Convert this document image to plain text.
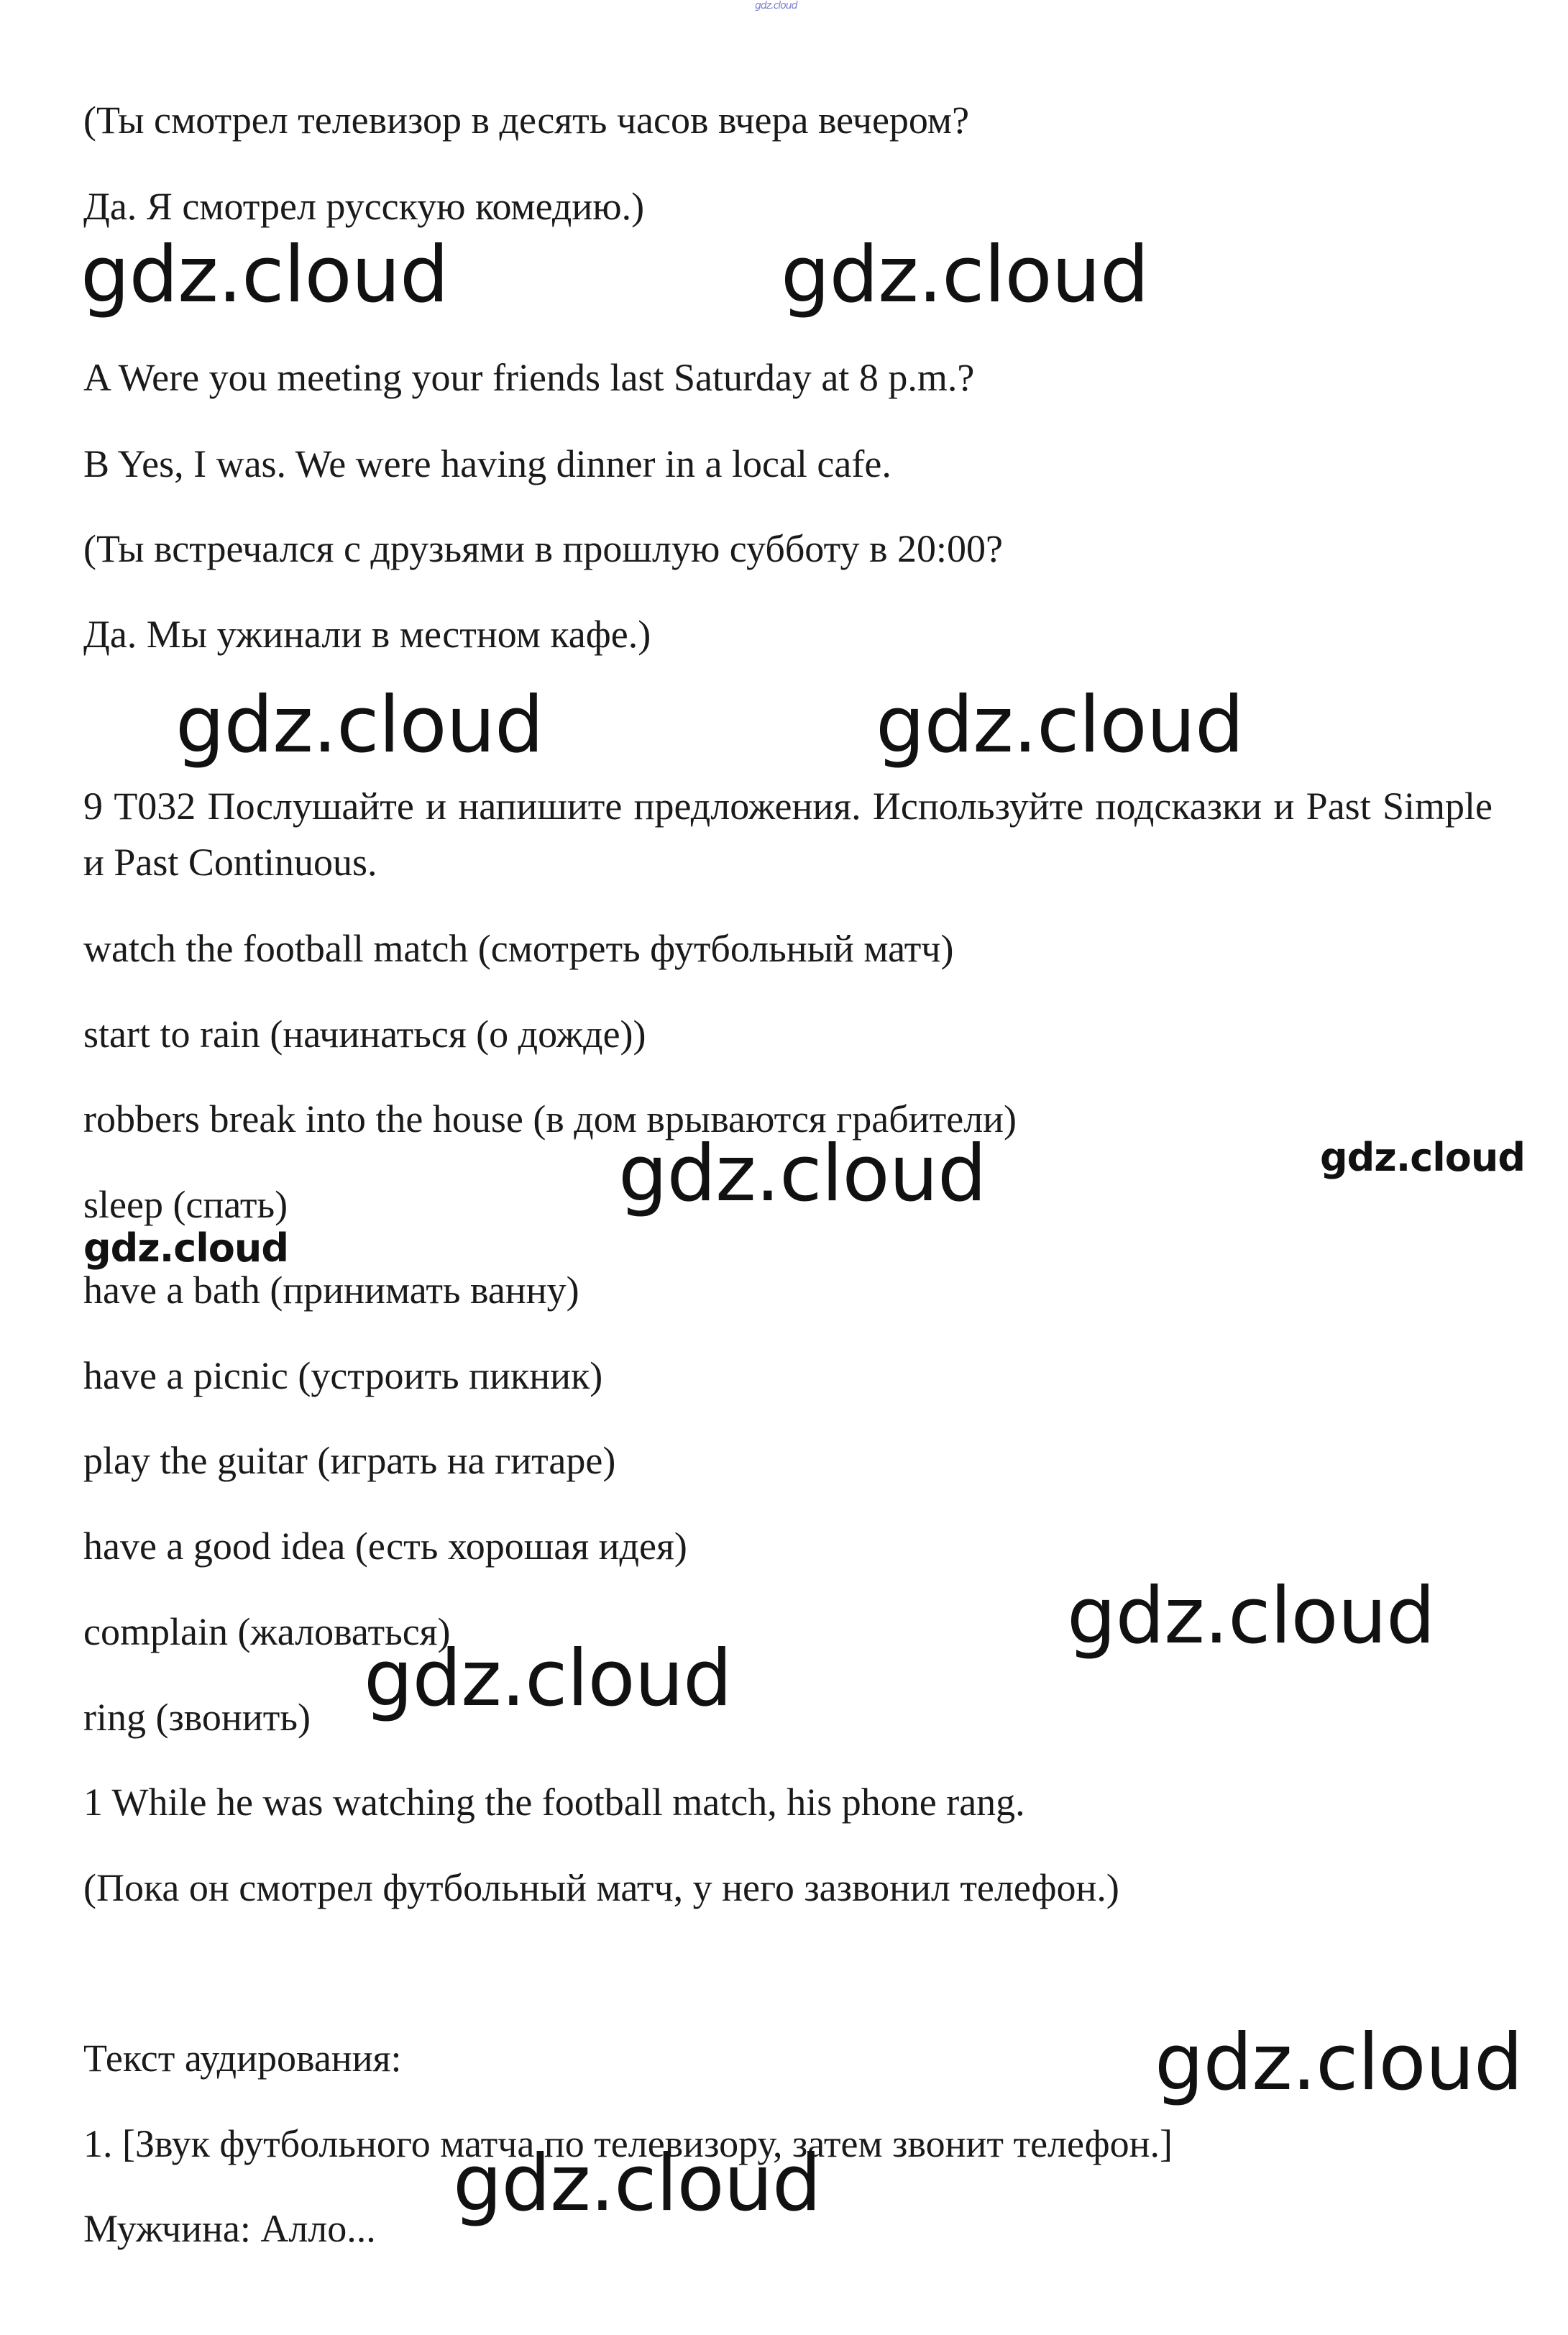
gdz.cloud
(Ты смотрел телевизор в десять часов вчера вечером?
Да. Я смотрел русскую комедию.)
gdz.cloud	gdz.cloud
A Were you meeting your friends last Saturday at 8 p.m.?
B Yes, I was. We were having dinner in a local cafe.
(Ты встречался с друзьями в прошлую субботу в 20:00?
Да. Мы ужинали в местном кафе.)
gdz.cloud	gdz.cloud
9 T032 Послушайте и напишите предложения. Используйте подсказки и Past Simple и Past Continuous.
watch the football match (смотреть футбольный матч)
start to rain (начинаться (о дожде))
robbers break into the house (в дом врываются грабители)
gdz.cloud	gdz.cloud
sleep (спать)
gdz.cloud
have a bath (принимать ванну)
have a picnic (устроить пикник)
play the guitar (играть на гитаре)
have a good idea (есть хорошая идея)
gdz.cloud
complain (жаловаться)
ring (звонить) gdz.cloud
1 While he was watching the football match, his phone rang.
(Пока он смотрел футбольный матч, у него зазвонил телефон.)
Текст аудирования:	gdz.cloud
1. [Звук футбольного матча по телевизору, затем звонит телефон.]
gdz.cloud
Мужчина: Алло...
